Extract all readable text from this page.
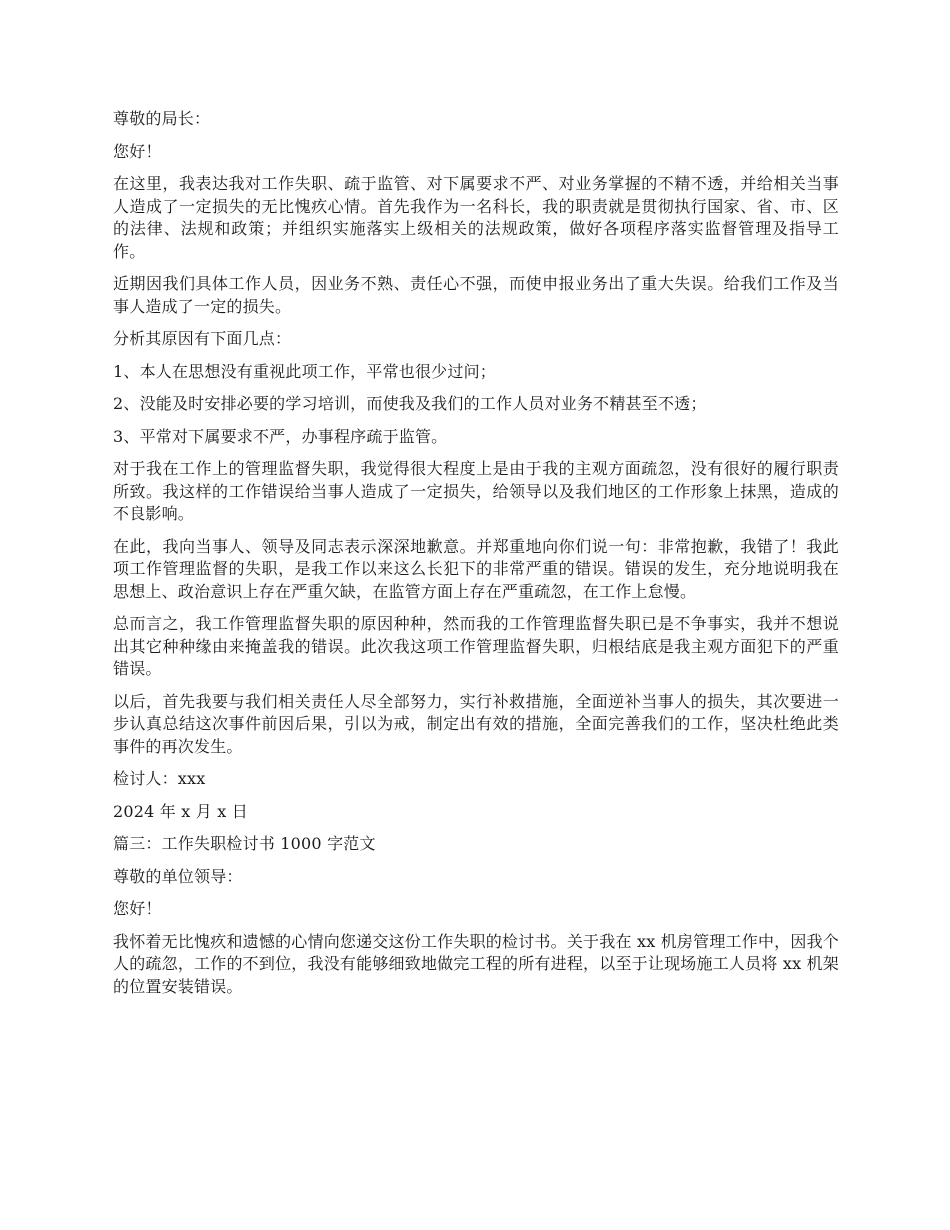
尊敬的局长：

您好！

在这里，我表达我对工作失职、疏于监管、对下属要求不严、对业务掌握的不精不透，并给相关当事人造成了一定损失的无比愧疚心情。首先我作为一名科长，我的职责就是贯彻执行国家、省、市、区的法律、法规和政策；并组织实施落实上级相关的法规政策，做好各项程序落实监督管理及指导工作。

近期因我们具体工作人员，因业务不熟、责任心不强，而使申报业务出了重大失误。给我们工作及当事人造成了一定的损失。

分析其原因有下面几点：

1、本人在思想没有重视此项工作，平常也很少过问；

2、没能及时安排必要的学习培训，而使我及我们的工作人员对业务不精甚至不透；

3、平常对下属要求不严，办事程序疏于监管。

对于我在工作上的管理监督失职，我觉得很大程度上是由于我的主观方面疏忽，没有很好的履行职责所致。我这样的工作错误给当事人造成了一定损失，给领导以及我们地区的工作形象上抹黑，造成的不良影响。

在此，我向当事人、领导及同志表示深深地歉意。并郑重地向你们说一句：非常抱歉，我错了！我此项工作管理监督的失职，是我工作以来这么长犯下的非常严重的错误。错误的发生，充分地说明我在思想上、政治意识上存在严重欠缺，在监管方面上存在严重疏忽，在工作上怠慢。

总而言之，我工作管理监督失职的原因种种，然而我的工作管理监督失职已是不争事实，我并不想说出其它种种缘由来掩盖我的错误。此次我这项工作管理监督失职，归根结底是我主观方面犯下的严重错误。

以后，首先我要与我们相关责任人尽全部努力，实行补救措施，全面逆补当事人的损失，其次要进一步认真总结这次事件前因后果，引以为戒，制定出有效的措施，全面完善我们的工作，坚决杜绝此类事件的再次发生。

检讨人：xxx

2024 年 x 月 x 日

篇三：工作失职检讨书 1000 字范文

尊敬的单位领导：

您好！

我怀着无比愧疚和遗憾的心情向您递交这份工作失职的检讨书。关于我在 xx 机房管理工作中，因我个人的疏忽，工作的不到位，我没有能够细致地做完工程的所有进程，以至于让现场施工人员将 xx 机架的位置安装错误。
